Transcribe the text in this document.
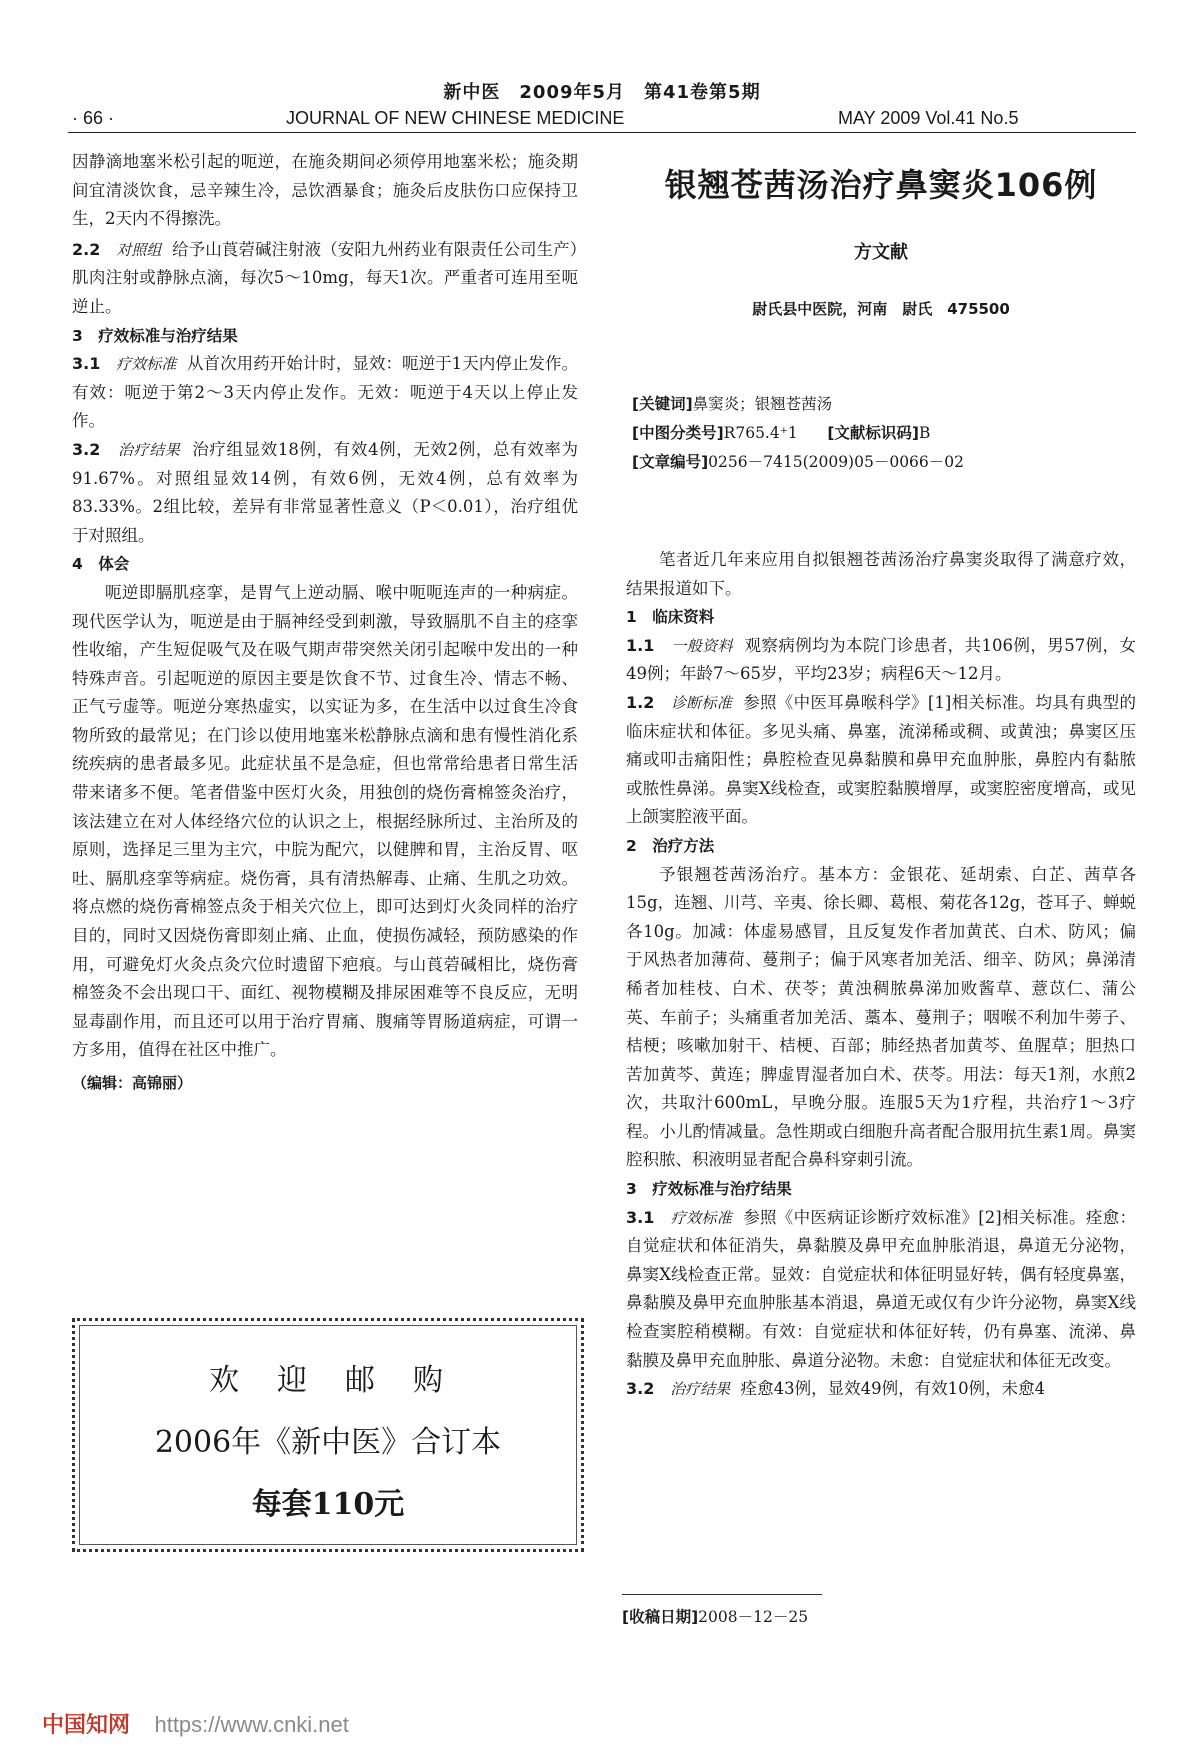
新中医　2009年5月　第41卷第5期
· 66 ·	JOURNAL OF NEW CHINESE MEDICINE	MAY 2009 Vol.41 No.5

因静滴地塞米松引起的呃逆，在施灸期间必须停用地塞米松；施灸期间宜清淡饮食，忌辛辣生冷，忌饮酒暴食；施灸后皮肤伤口应保持卫生，2天内不得擦洗。

2.2 对照组 给予山莨菪碱注射液（安阳九州药业有限责任公司生产）肌肉注射或静脉点滴，每次5～10mg，每天1次。严重者可连用至呃逆止。

3　疗效标准与治疗结果

3.1 疗效标准 从首次用药开始计时，显效：呃逆于1天内停止发作。有效：呃逆于第2～3天内停止发作。无效：呃逆于4天以上停止发作。

3.2 治疗结果 治疗组显效18例，有效4例，无效2例，总有效率为91.67%。对照组显效14例，有效6例，无效4例，总有效率为83.33%。2组比较，差异有非常显著性意义（P＜0.01），治疗组优于对照组。

4　体会

呃逆即膈肌痉挛，是胃气上逆动膈、喉中呃呃连声的一种病症。现代医学认为，呃逆是由于膈神经受到刺激，导致膈肌不自主的痉挛性收缩，产生短促吸气及在吸气期声带突然关闭引起喉中发出的一种特殊声音。引起呃逆的原因主要是饮食不节、过食生冷、情志不畅、正气亏虚等。呃逆分寒热虚实，以实证为多，在生活中以过食生冷食物所致的最常见；在门诊以使用地塞米松静脉点滴和患有慢性消化系统疾病的患者最多见。此症状虽不是急症，但也常常给患者日常生活带来诸多不便。笔者借鉴中医灯火灸，用独创的烧伤膏棉签灸治疗，该法建立在对人体经络穴位的认识之上，根据经脉所过、主治所及的原则，选择足三里为主穴，中脘为配穴，以健脾和胃，主治反胃、呕吐、膈肌痉挛等病症。烧伤膏，具有清热解毒、止痛、生肌之功效。将点燃的烧伤膏棉签点灸于相关穴位上，即可达到灯火灸同样的治疗目的，同时又因烧伤膏即刻止痛、止血，使损伤减轻，预防感染的作用，可避免灯火灸点灸穴位时遗留下疤痕。与山莨菪碱相比，烧伤膏棉签灸不会出现口干、面红、视物模糊及排尿困难等不良反应，无明显毒副作用，而且还可以用于治疗胃痛、腹痛等胃肠道病症，可谓一方多用，值得在社区中推广。

（编辑：高锦丽）

欢　迎　邮　购
2006年《新中医》合订本
每套110元
银翘苍茜汤治疗鼻窦炎106例
方文献
尉氏县中医院，河南　尉氏　475500
[关键词]鼻窦炎；银翘苍茜汤
[中图分类号]R765.4⁺1 [文献标识码]B
[文章编号]0256－7415(2009)05－0066－02

笔者近几年来应用自拟银翘苍茜汤治疗鼻窦炎取得了满意疗效，结果报道如下。

1　临床资料

1.1 一般资料 观察病例均为本院门诊患者，共106例，男57例，女49例；年龄7～65岁，平均23岁；病程6天～12月。

1.2 诊断标准 参照《中医耳鼻喉科学》[1]相关标准。均具有典型的临床症状和体征。多见头痛、鼻塞，流涕稀或稠、或黄浊；鼻窦区压痛或叩击痛阳性；鼻腔检查见鼻黏膜和鼻甲充血肿胀，鼻腔内有黏脓或脓性鼻涕。鼻窦X线检查，或窦腔黏膜增厚，或窦腔密度增高，或见上颌窦腔液平面。

2　治疗方法

予银翘苍茜汤治疗。基本方：金银花、延胡索、白芷、茜草各15g，连翘、川芎、辛夷、徐长卿、葛根、菊花各12g，苍耳子、蝉蜕各10g。加减：体虚易感冒，且反复发作者加黄芪、白术、防风；偏于风热者加薄荷、蔓荆子；偏于风寒者加羌活、细辛、防风；鼻涕清稀者加桂枝、白术、茯苓；黄浊稠脓鼻涕加败酱草、薏苡仁、蒲公英、车前子；头痛重者加羌活、藁本、蔓荆子；咽喉不利加牛蒡子、桔梗；咳嗽加射干、桔梗、百部；肺经热者加黄芩、鱼腥草；胆热口苦加黄芩、黄连；脾虚胃湿者加白术、茯苓。用法：每天1剂，水煎2次，共取汁600mL，早晚分服。连服5天为1疗程，共治疗1～3疗程。小儿酌情减量。急性期或白细胞升高者配合服用抗生素1周。鼻窦腔积脓、积液明显者配合鼻科穿刺引流。

3　疗效标准与治疗结果

3.1 疗效标准 参照《中医病证诊断疗效标准》[2]相关标准。痊愈：自觉症状和体征消失，鼻黏膜及鼻甲充血肿胀消退，鼻道无分泌物，鼻窦X线检查正常。显效：自觉症状和体征明显好转，偶有轻度鼻塞，鼻黏膜及鼻甲充血肿胀基本消退，鼻道无或仅有少许分泌物，鼻窦X线检查窦腔稍模糊。有效：自觉症状和体征好转，仍有鼻塞、流涕、鼻黏膜及鼻甲充血肿胀、鼻道分泌物。未愈：自觉症状和体征无改变。

3.2 治疗结果 痊愈43例，显效49例，有效10例，未愈4

[收稿日期]2008－12－25
中国知网 https://www.cnki.net
